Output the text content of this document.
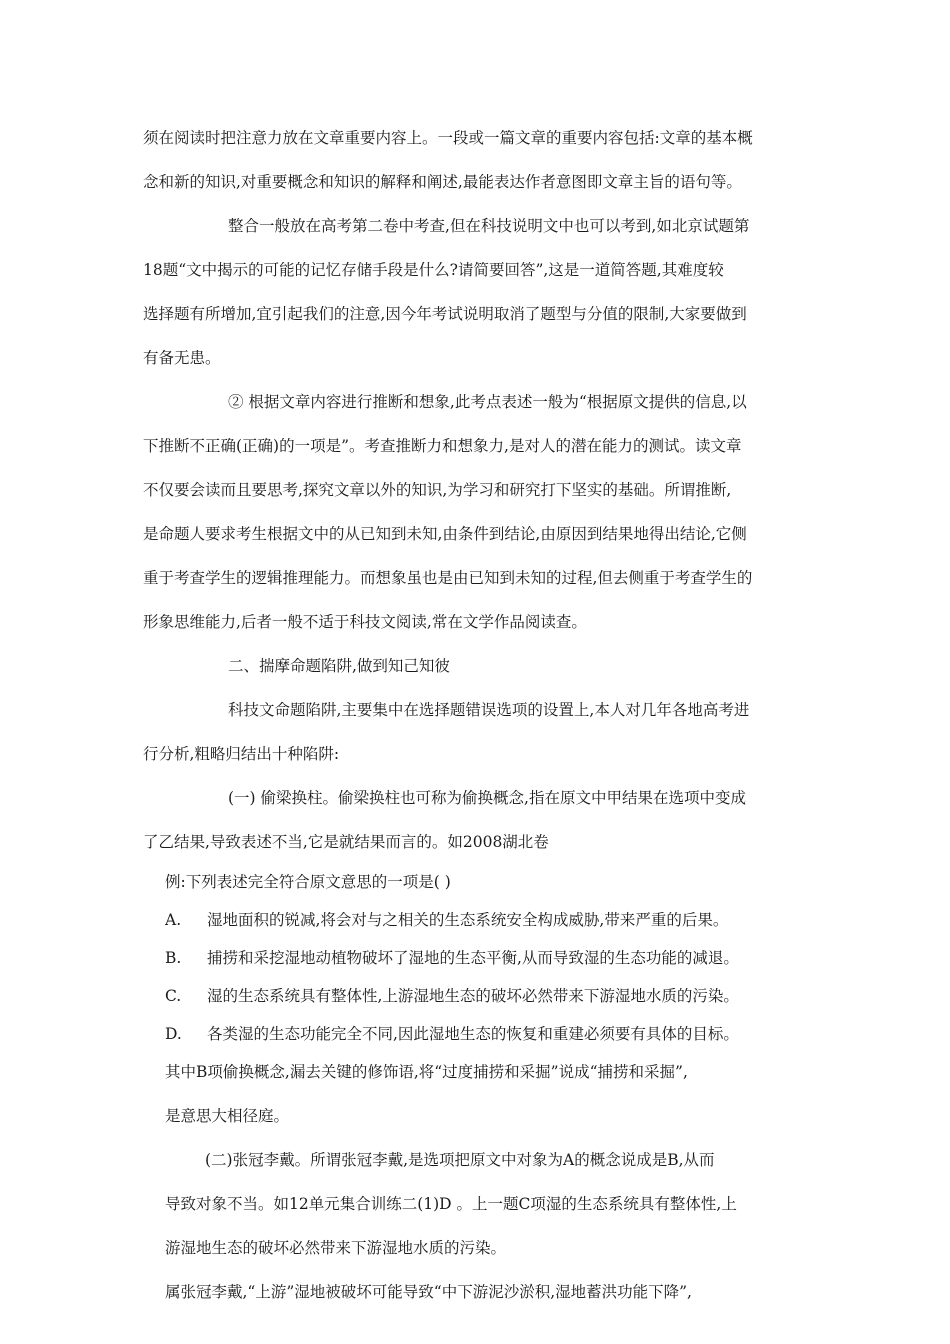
须在阅读时把注意力放在文章重要内容上。一段或一篇文章的重要内容包括:文章的基本概
念和新的知识,对重要概念和知识的解释和阐述,最能表达作者意图即文章主旨的语句等。
整合一般放在高考第二卷中考查,但在科技说明文中也可以考到,如北京试题第
18题“文中揭示的可能的记忆存储手段是什么?请简要回答”,这是一道简答题,其难度较
选择题有所增加,宜引起我们的注意,因今年考试说明取消了题型与分值的限制,大家要做到
有备无患。
② 根据文章内容进行推断和想象,此考点表述一般为“根据原文提供的信息,以
下推断不正确(正确)的一项是”。考查推断力和想象力,是对人的潜在能力的测试。读文章
不仅要会读而且要思考,探究文章以外的知识,为学习和研究打下坚实的基础。所谓推断,
是命题人要求考生根据文中的从已知到未知,由条件到结论,由原因到结果地得出结论,它侧
重于考查学生的逻辑推理能力。而想象虽也是由已知到未知的过程,但去侧重于考查学生的
形象思维能力,后者一般不适于科技文阅读,常在文学作品阅读查。
二、揣摩命题陷阱,做到知己知彼
科技文命题陷阱,主要集中在选择题错误选项的设置上,本人对几年各地高考进
行分析,粗略归结出十种陷阱:
(一) 偷梁换柱。偷梁换柱也可称为偷换概念,指在原文中甲结果在选项中变成
了乙结果,导致表述不当,它是就结果而言的。如2008湖北卷
例:下列表述完全符合原文意思的一项是( )
A. 湿地面积的锐减,将会对与之相关的生态系统安全构成威胁,带来严重的后果。
B. 捕捞和采挖湿地动植物破坏了湿地的生态平衡,从而导致湿的生态功能的减退。
C. 湿的生态系统具有整体性,上游湿地生态的破坏必然带来下游湿地水质的污染。
D. 各类湿的生态功能完全不同,因此湿地生态的恢复和重建必须要有具体的目标。
其中B项偷换概念,漏去关键的修饰语,将“过度捕捞和采掘”说成“捕捞和采掘”,
是意思大相径庭。
(二)张冠李戴。所谓张冠李戴,是选项把原文中对象为A的概念说成是B,从而
导致对象不当。如12单元集合训练二(1)D 。上一题C项湿的生态系统具有整体性,上
游湿地生态的破坏必然带来下游湿地水质的污染。
属张冠李戴,“上游”湿地被破坏可能导致“中下游泥沙淤积,湿地蓄洪功能下降”,
